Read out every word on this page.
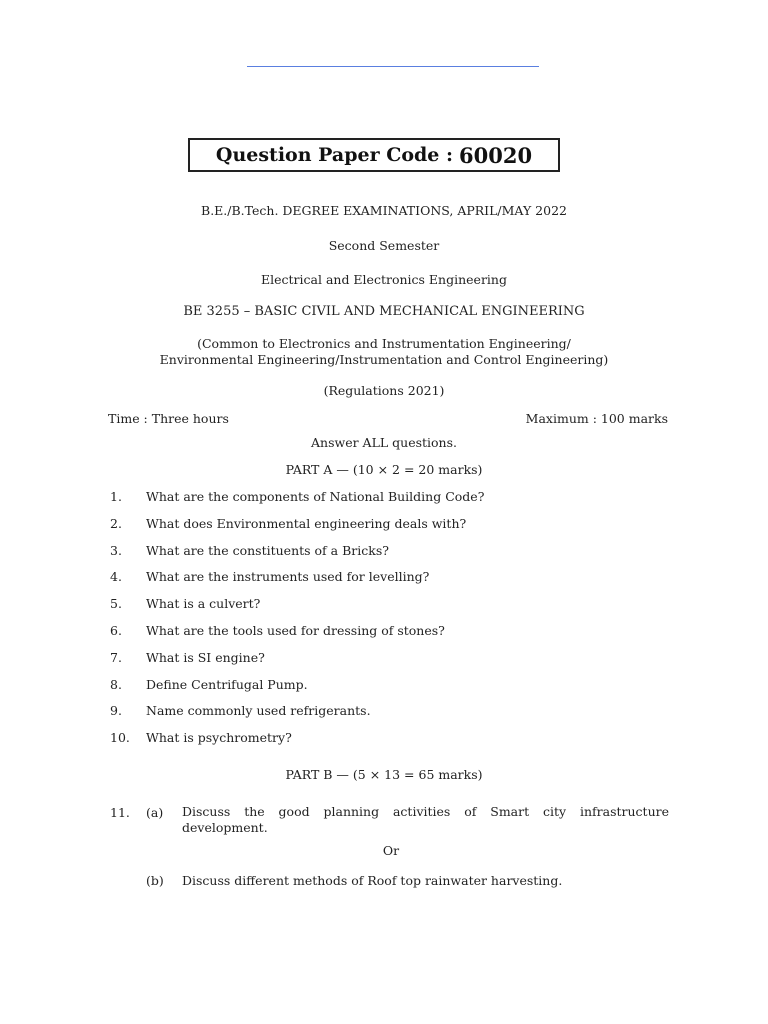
Question Paper Code : 60020
B.E./B.Tech. DEGREE EXAMINATIONS, APRIL/MAY 2022
Second Semester
Electrical and Electronics Engineering
BE 3255 – BASIC CIVIL AND MECHANICAL ENGINEERING
(Common to Electronics and Instrumentation Engineering/
Environmental Engineering/Instrumentation and Control Engineering)
(Regulations 2021)
Time : Three hours	Maximum : 100 marks
Answer ALL questions.
PART A — (10 × 2 = 20 marks)
1. What are the components of National Building Code?
2. What does Environmental engineering deals with?
3. What are the constituents of a Bricks?
4. What are the instruments used for levelling?
5. What is a culvert?
6. What are the tools used for dressing of stones?
7. What is SI engine?
8. Define Centrifugal Pump.
9. Name commonly used refrigerants.
10. What is psychrometry?
PART B — (5 × 13 = 65 marks)
11. (a) Discuss the good planning activities of Smart city infrastructure
development.
Or
(b) Discuss different methods of Roof top rainwater harvesting.
